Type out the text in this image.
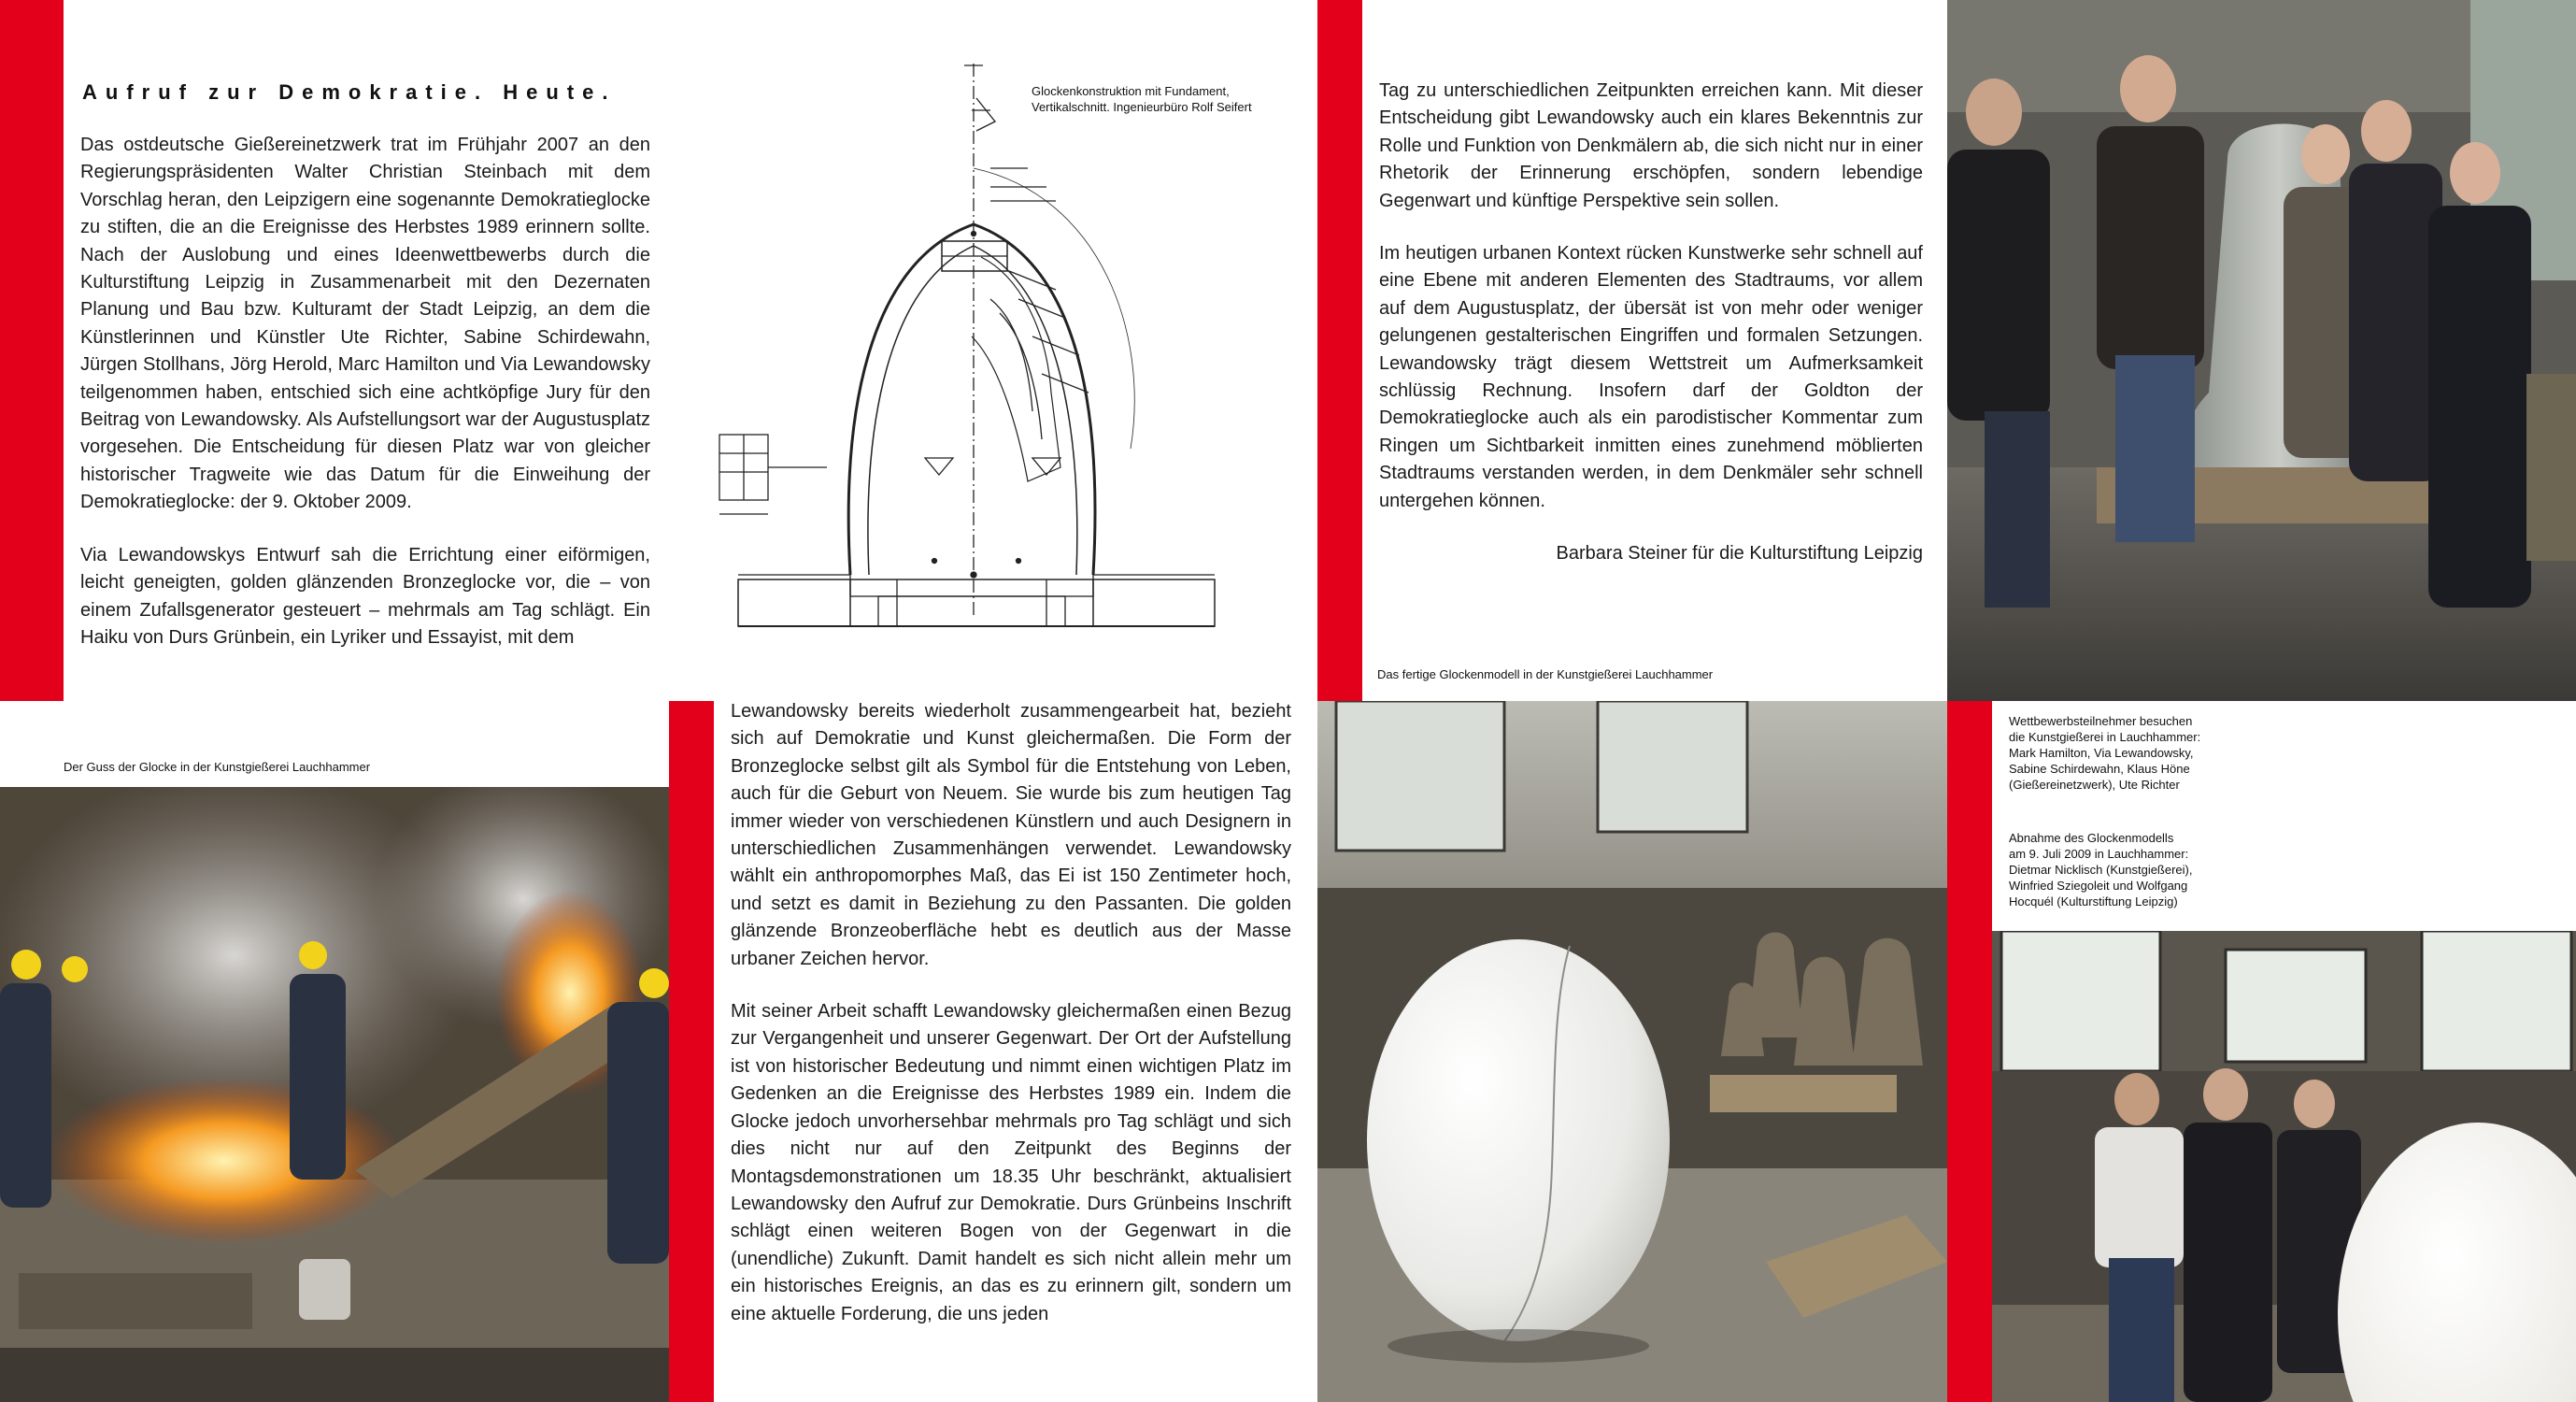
Aufruf zur Demokratie. Heute.

Das ostdeutsche Gießereinetzwerk trat im Frühjahr 2007 an den Regierungspräsidenten Walter Christian Steinbach mit dem Vorschlag heran, den Leipzigern eine sogenannte Demokratieglocke zu stiften, die an die Ereignisse des Herbstes 1989 erinnern sollte. Nach der Auslobung und eines Ideenwettbewerbs durch die Kulturstiftung Leipzig in Zusammenarbeit mit den Dezernaten Planung und Bau bzw. Kulturamt der Stadt Leipzig, an dem die Künstlerinnen und Künstler Ute Richter, Sabine Schirdewahn, Jürgen Stollhans, Jörg Herold, Marc Hamilton und Via Lewandowsky teilgenommen haben, entschied sich eine achtköpfige Jury für den Beitrag von Lewandowsky. Als Aufstellungsort war der Augustusplatz vorgesehen. Die Entscheidung für diesen Platz war von gleicher historischer Tragweite wie das Datum für die Einweihung der Demokratieglocke: der 9. Oktober 2009.

Via Lewandowskys Entwurf sah die Errichtung einer eiförmigen, leicht geneigten, golden glänzenden Bronzeglocke vor, die – von einem Zufallsgenerator gesteuert – mehrmals am Tag schlägt. Ein Haiku von Durs Grünbein, ein Lyriker und Essayist, mit dem

Glockenkonstruktion mit Fundament,
Vertikalschnitt. Ingenieurbüro Rolf Seifert

Tag zu unterschiedlichen Zeitpunkten erreichen kann. Mit dieser Entscheidung gibt Lewandowsky auch ein klares Bekenntnis zur Rolle und Funktion von Denkmälern ab, die sich nicht nur in einer Rhetorik der Erinnerung erschöpfen, sondern lebendige Gegenwart und künftige Perspektive sein sollen.

Im heutigen urbanen Kontext rücken Kunstwerke sehr schnell auf eine Ebene mit anderen Elementen des Stadtraums, vor allem auf dem Augustusplatz, der übersät ist von mehr oder weniger gelungenen gestalterischen Eingriffen und formalen Setzungen. Lewandowsky trägt diesem Wettstreit um Aufmerksamkeit schlüssig Rechnung. Insofern darf der Goldton der Demokratieglocke auch als ein parodistischer Kommentar zum Ringen um Sichtbarkeit inmitten eines zunehmend möblierten Stadtraums verstanden werden, in dem Denkmäler sehr schnell untergehen können.

Barbara Steiner für die Kulturstiftung Leipzig

Das fertige Glockenmodell in der Kunstgießerei Lauchhammer
Der Guss der Glocke in der Kunstgießerei Lauchhammer

Lewandowsky bereits wiederholt zusammengearbeit hat, bezieht sich auf Demokratie und Kunst gleichermaßen. Die Form der Bronzeglocke selbst gilt als Symbol für die Entstehung von Leben, auch für die Geburt von Neuem. Sie wurde bis zum heutigen Tag immer wieder von verschiedenen Künstlern und auch Designern in unterschiedlichen Zusammenhängen verwendet. Lewandowsky wählt ein anthropomorphes Maß, das Ei ist 150 Zentimeter hoch, und setzt es damit in Beziehung zu den Passanten. Die golden glänzende Bronzeoberfläche hebt es deutlich aus der Masse urbaner Zeichen hervor.

Mit seiner Arbeit schafft Lewandowsky gleichermaßen einen Bezug zur Vergangenheit und unserer Gegenwart. Der Ort der Aufstellung ist von historischer Bedeutung und nimmt einen wichtigen Platz im Gedenken an die Ereignisse des Herbstes 1989 ein. Indem die Glocke jedoch unvorhersehbar mehrmals pro Tag schlägt und sich dies nicht nur auf den Zeitpunkt des Beginns der Montagsdemonstrationen um 18.35 Uhr beschränkt, aktualisiert Lewandowsky den Aufruf zur Demokratie. Durs Grünbeins Inschrift schlägt einen weiteren Bogen von der Gegenwart in die (unendliche) Zukunft. Damit handelt es sich nicht allein mehr um ein historisches Ereignis, an das es zu erinnern gilt, sondern um eine aktuelle Forderung, die uns jeden

Wettbewerbsteilnehmer besuchen
die Kunstgießerei in Lauchhammer:
Mark Hamilton, Via Lewandowsky,
Sabine Schirdewahn, Klaus Höne
(Gießereinetzwerk), Ute Richter
Abnahme des Glockenmodells
am 9. Juli 2009 in Lauchhammer:
Dietmar Nicklisch (Kunstgießerei),
Winfried Sziegoleit und Wolfgang
Hocquél (Kulturstiftung Leipzig)
